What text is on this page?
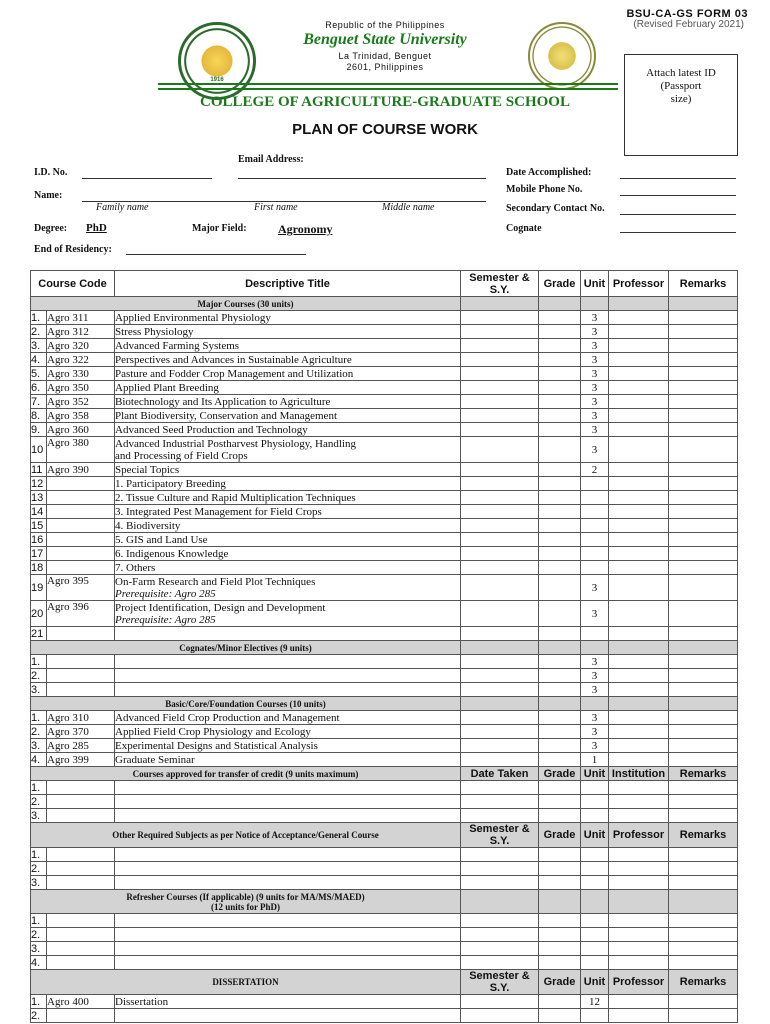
BSU-CA-GS FORM 03
(Revised February 2021)
1916
Republic of the Philippines
Benguet State University
La Trinidad, Benguet
2601, Philippines
COLLEGE OF AGRICULTURE-GRADUATE SCHOOL
Attach latest ID
(Passport
size)
PLAN OF COURSE WORK
Email Address:
I.D. No.	Date Accomplished:
Name:
Mobile Phone No.
Family name	First name	Middle name	Secondary Contact No.
Degree: PhD	Major Field:	Agronomy	Cognate
End of Residency:
Course Code		Descriptive Title	Semester & S.Y.	Grade	Unit	Professor	Remarks
Major Courses (30 units)							
1.	Agro 311	Applied Environmental Physiology			3		
2.	Agro 312	Stress Physiology			3		
3.	Agro 320	Advanced Farming Systems			3		
4.	Agro 322	Perspectives and Advances in Sustainable Agriculture			3		
5.	Agro 330	Pasture and Fodder Crop Management and Utilization			3		
6.	Agro 350	Applied Plant Breeding			3		
7.	Agro 352	Biotechnology and Its Application to Agriculture			3		
8.	Agro 358	Plant Biodiversity, Conservation and Management			3		
9.	Agro 360	Advanced Seed Production and Technology			3		
10	Agro 380	Advanced Industrial Postharvest Physiology, Handling
and Processing of Field Crops			3		
11	Agro 390	Special Topics			2		
12		1. Participatory Breeding					
13		2. Tissue Culture and Rapid Multiplication Techniques					
14		3. Integrated Pest Management for Field Crops					
15		4. Biodiversity					
16		5. GIS and Land Use					
17		6. Indigenous Knowledge					
18		7. Others					
19	Agro 395	On-Farm Research and Field Plot Techniques
Prerequisite: Agro 285			3		
20	Agro 396	Project Identification, Design and Development
Prerequisite: Agro 285			3		
21							
Cognates/Minor Electives (9 units)							
1.					3		
2.					3		
3.					3		
Basic/Core/Foundation Courses (10 units)							
1.	Agro 310	Advanced Field Crop Production and Management			3		
2.	Agro 370	Applied Field Crop Physiology and Ecology			3		
3.	Agro 285	Experimental Designs and Statistical Analysis			3		
4.	Agro 399	Graduate Seminar			1		
Courses approved for transfer of credit (9 units maximum)			Date Taken	Grade	Unit	Institution	Remarks
1.							
2.							
3.							
Other Required Subjects as per Notice of Acceptance/General Course			Semester & S.Y.	Grade	Unit	Professor	Remarks
1.							
2.							
3.							

Refresher Courses (If applicable) (9 units for MA/MS/MAED)
(12 units for PhD)							

1.							
2.							
3.							
4.							
DISSERTATION			Semester & S.Y.	Grade	Unit	Professor	Remarks
1.	Agro 400	Dissertation			12		
2.							
